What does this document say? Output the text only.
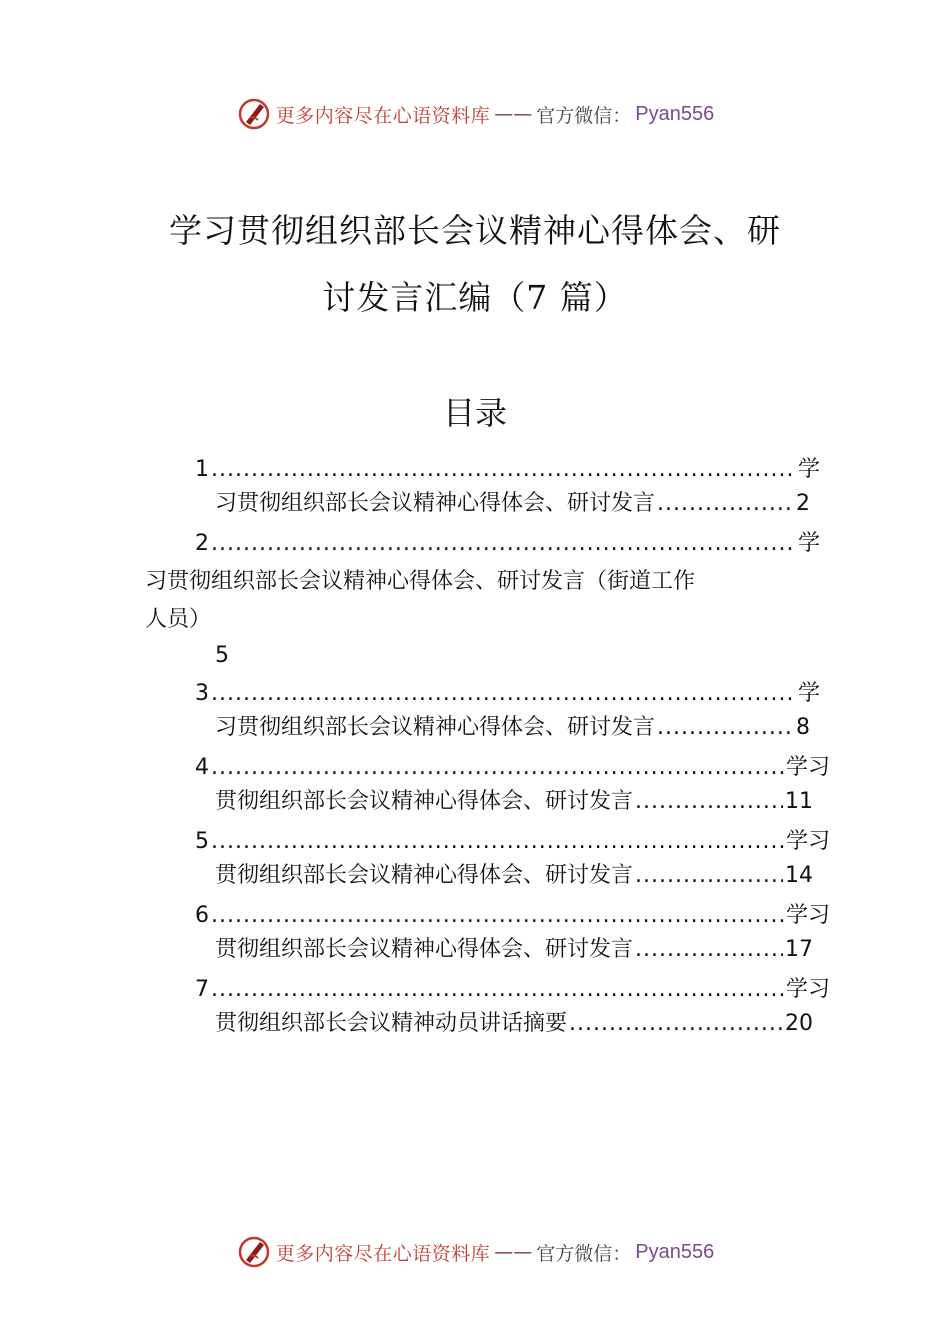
更多内容尽在心语资料库 —— 官方微信： Pyan556
学习贯彻组织部长会议精神心得体会、研
讨发言汇编（7 篇）
目录
1 .....	学
习贯彻组织部长会议精神心得体会、研讨发言 .....	2
2 .....	学
习贯彻组织部长会议精神心得体会、研讨发言（街道工作
人员）
5
3 .....	学
习贯彻组织部长会议精神心得体会、研讨发言 .....	8
4 .....	学习
贯彻组织部长会议精神心得体会、研讨发言 .....	11
5 .....	学习
贯彻组织部长会议精神心得体会、研讨发言 .....	14
6 .....	学习
贯彻组织部长会议精神心得体会、研讨发言 .....	17
7 .....	学习
贯彻组织部长会议精神动员讲话摘要 .....	20
更多内容尽在心语资料库 —— 官方微信： Pyan556
